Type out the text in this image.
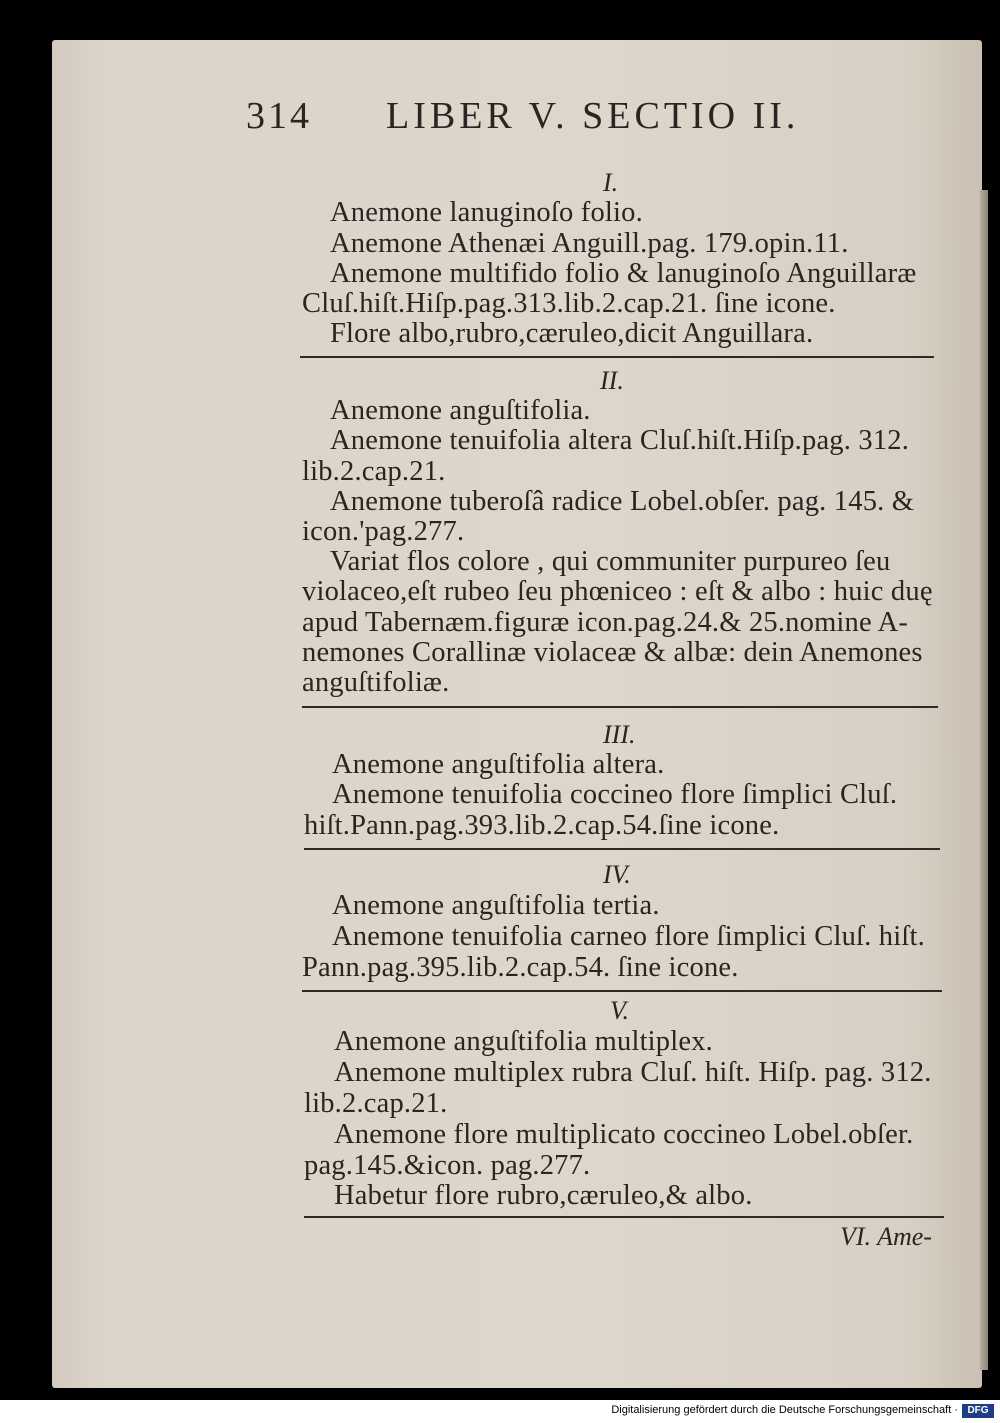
314 LIBER V. SECTIO II.
I.
Anemone lanuginoſo folio.
Anemone Athenæi Anguill.pag. 179.opin.11.
Anemone multifido folio & lanuginoſo Anguillaræ
Cluſ.hiſt.Hiſp.pag.313.lib.2.cap.21. ſine icone.
Flore albo,rubro,cæruleo,dicit Anguillara.
II.
Anemone anguſtifolia.
Anemone tenuifolia altera Cluſ.hiſt.Hiſp.pag. 312.
lib.2.cap.21.
Anemone tuberoſâ radice Lobel.obſer. pag. 145. &
icon.'pag.277.
Variat flos colore , qui communiter purpureo ſeu
violaceo,eſt rubeo ſeu phœniceo : eſt & albo : huic duę
apud Tabernæm.figuræ icon.pag.24.& 25.nomine A-
nemones Corallinæ violaceæ & albæ: dein Anemones
anguſtifoliæ.
III.
Anemone anguſtifolia altera.
Anemone tenuifolia coccineo flore ſimplici Cluſ.
hiſt.Pann.pag.393.lib.2.cap.54.ſine icone.
IV.
Anemone anguſtifolia tertia.
Anemone tenuifolia carneo flore ſimplici Cluſ. hiſt.
Pann.pag.395.lib.2.cap.54. ſine icone.
V.
Anemone anguſtifolia multiplex.
Anemone multiplex rubra Cluſ. hiſt. Hiſp. pag. 312.
lib.2.cap.21.
Anemone flore multiplicato coccineo Lobel.obſer.
pag.145.&icon. pag.277.
Habetur flore rubro,cæruleo,& albo.
VI. Ame-
Digitalisierung gefördert durch die Deutsche Forschungsgemeinschaft · DFG
